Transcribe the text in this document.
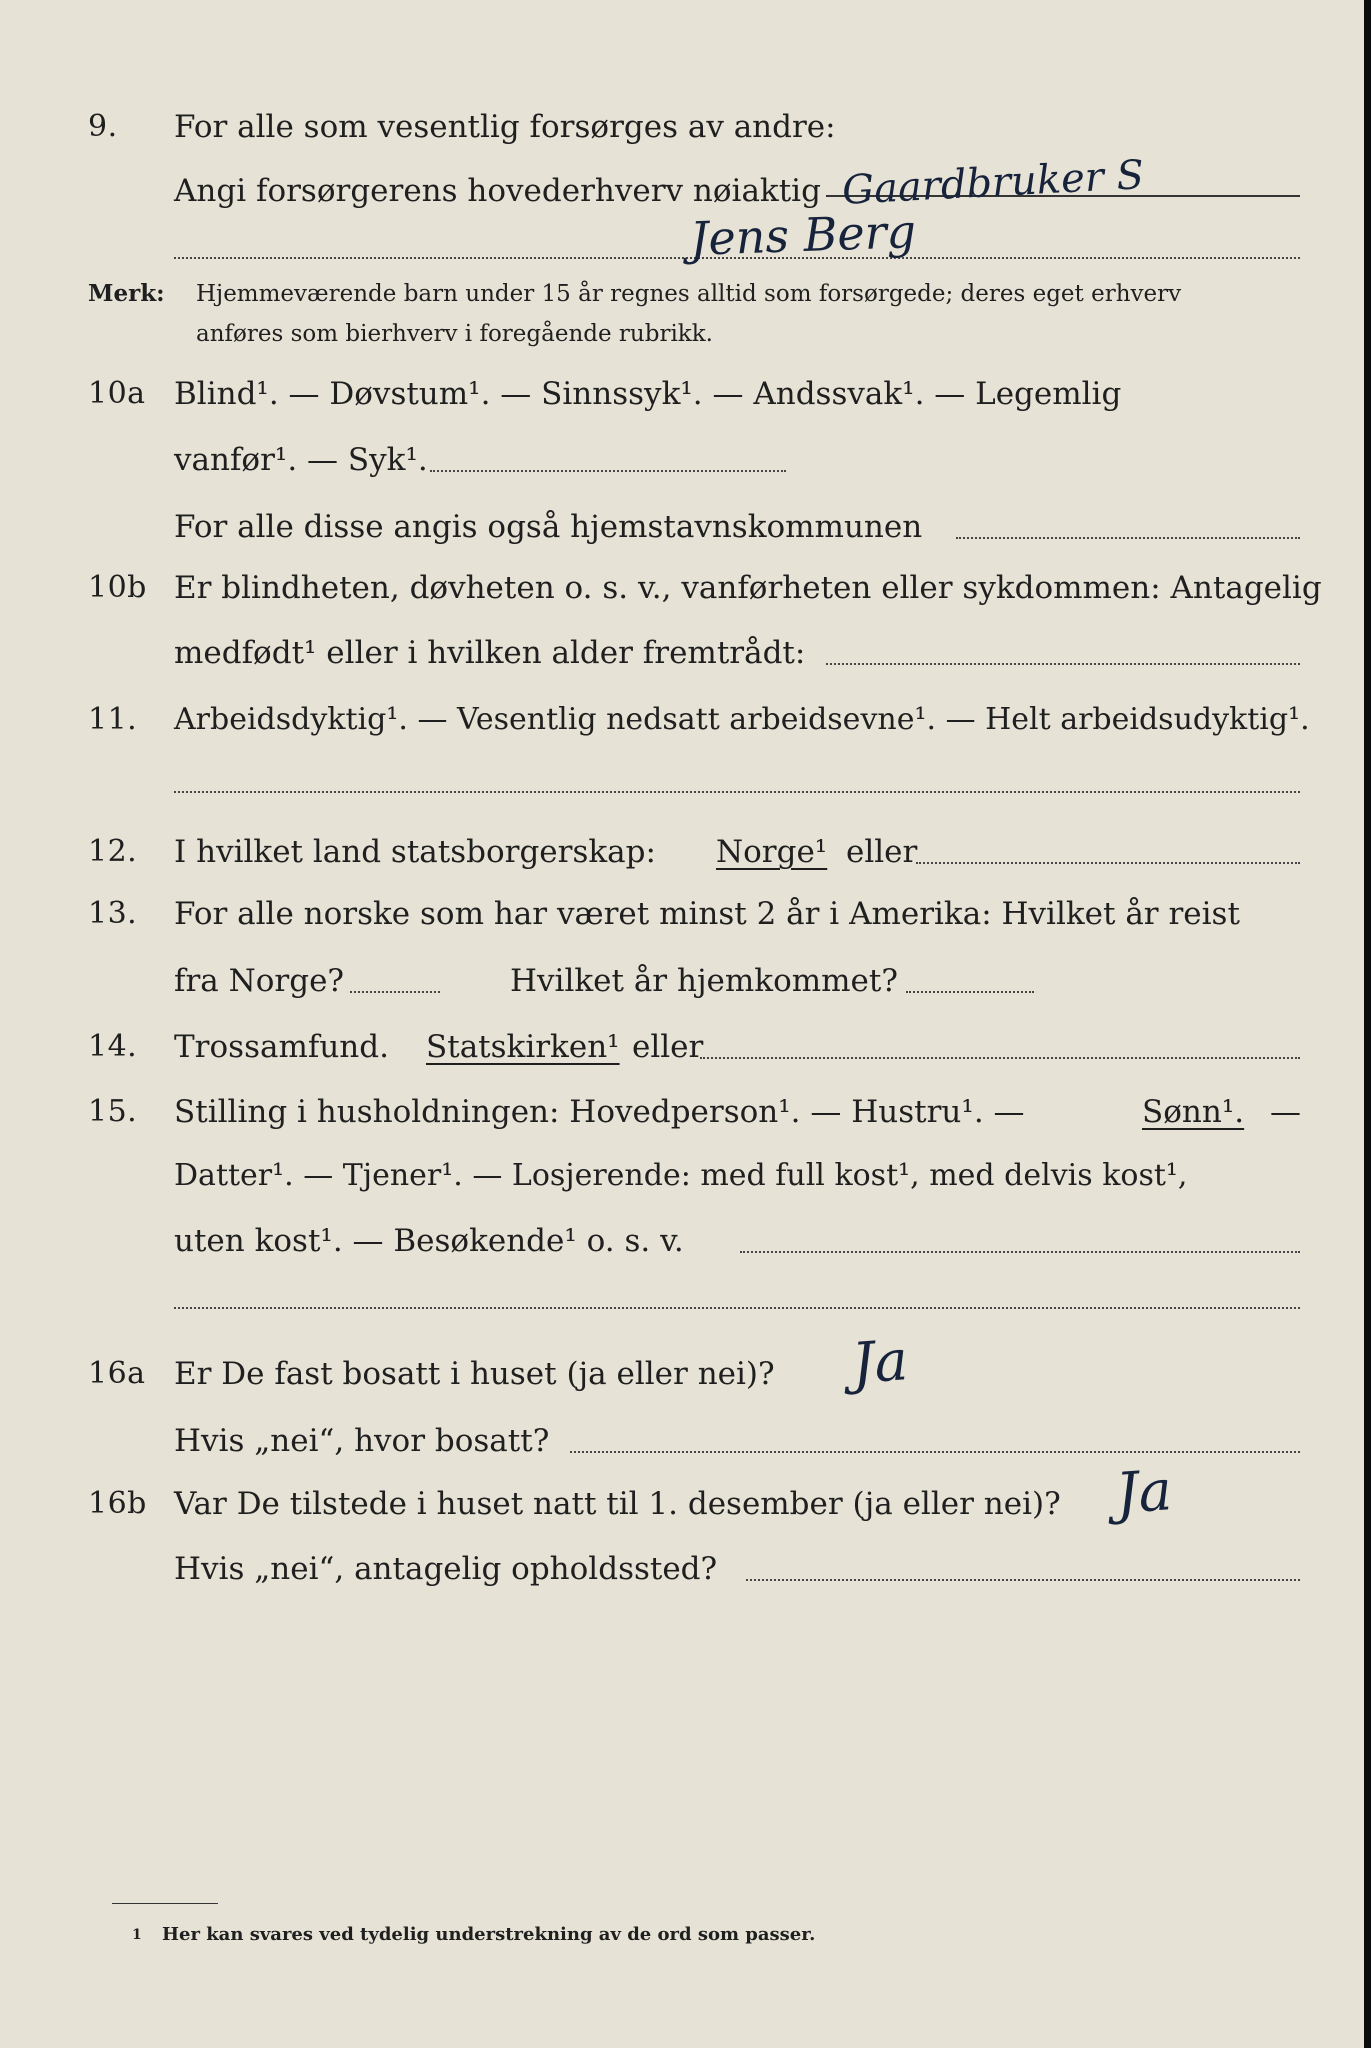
9. For alle som vesentlig forsørges av andre:
Angi forsørgerens hovederhverv nøiaktig Gaardbruker S
Jens Berg
Merk: Hjemmeværende barn under 15 år regnes alltid som forsørgede; deres eget erhverv
anføres som bierhverv i foregående rubrikk.
10a Blind¹. — Døvstum¹. — Sinnssyk¹. — Andssvak¹. — Legemlig
vanfør¹. — Syk¹.
For alle disse angis også hjemstavnskommunen
10b Er blindheten, døvheten o. s. v., vanførheten eller sykdommen: Antagelig
medfødt¹ eller i hvilken alder fremtrådt:
11. Arbeidsdyktig¹. — Vesentlig nedsatt arbeidsevne¹. — Helt arbeidsudyktig¹.
12. I hvilket land statsborgerskap: Norge¹ eller
13. For alle norske som har været minst 2 år i Amerika: Hvilket år reist
fra Norge?	Hvilket år hjemkommet?
14. Trossamfund. Statskirken¹ eller
15. Stilling i husholdningen: Hovedperson¹. — Hustru¹. —	Sønn¹. —
Datter¹. — Tjener¹. — Losjerende: med full kost¹, med delvis kost¹,
uten kost¹. — Besøkende¹ o. s. v.
16a Er De fast bosatt i huset (ja eller nei)? Ja
Hvis „nei“, hvor bosatt?
16b Var De tilstede i huset natt til 1. desember (ja eller nei)? Ja
Hvis „nei“, antagelig opholdssted?
1 Her kan svares ved tydelig understrekning av de ord som passer.
